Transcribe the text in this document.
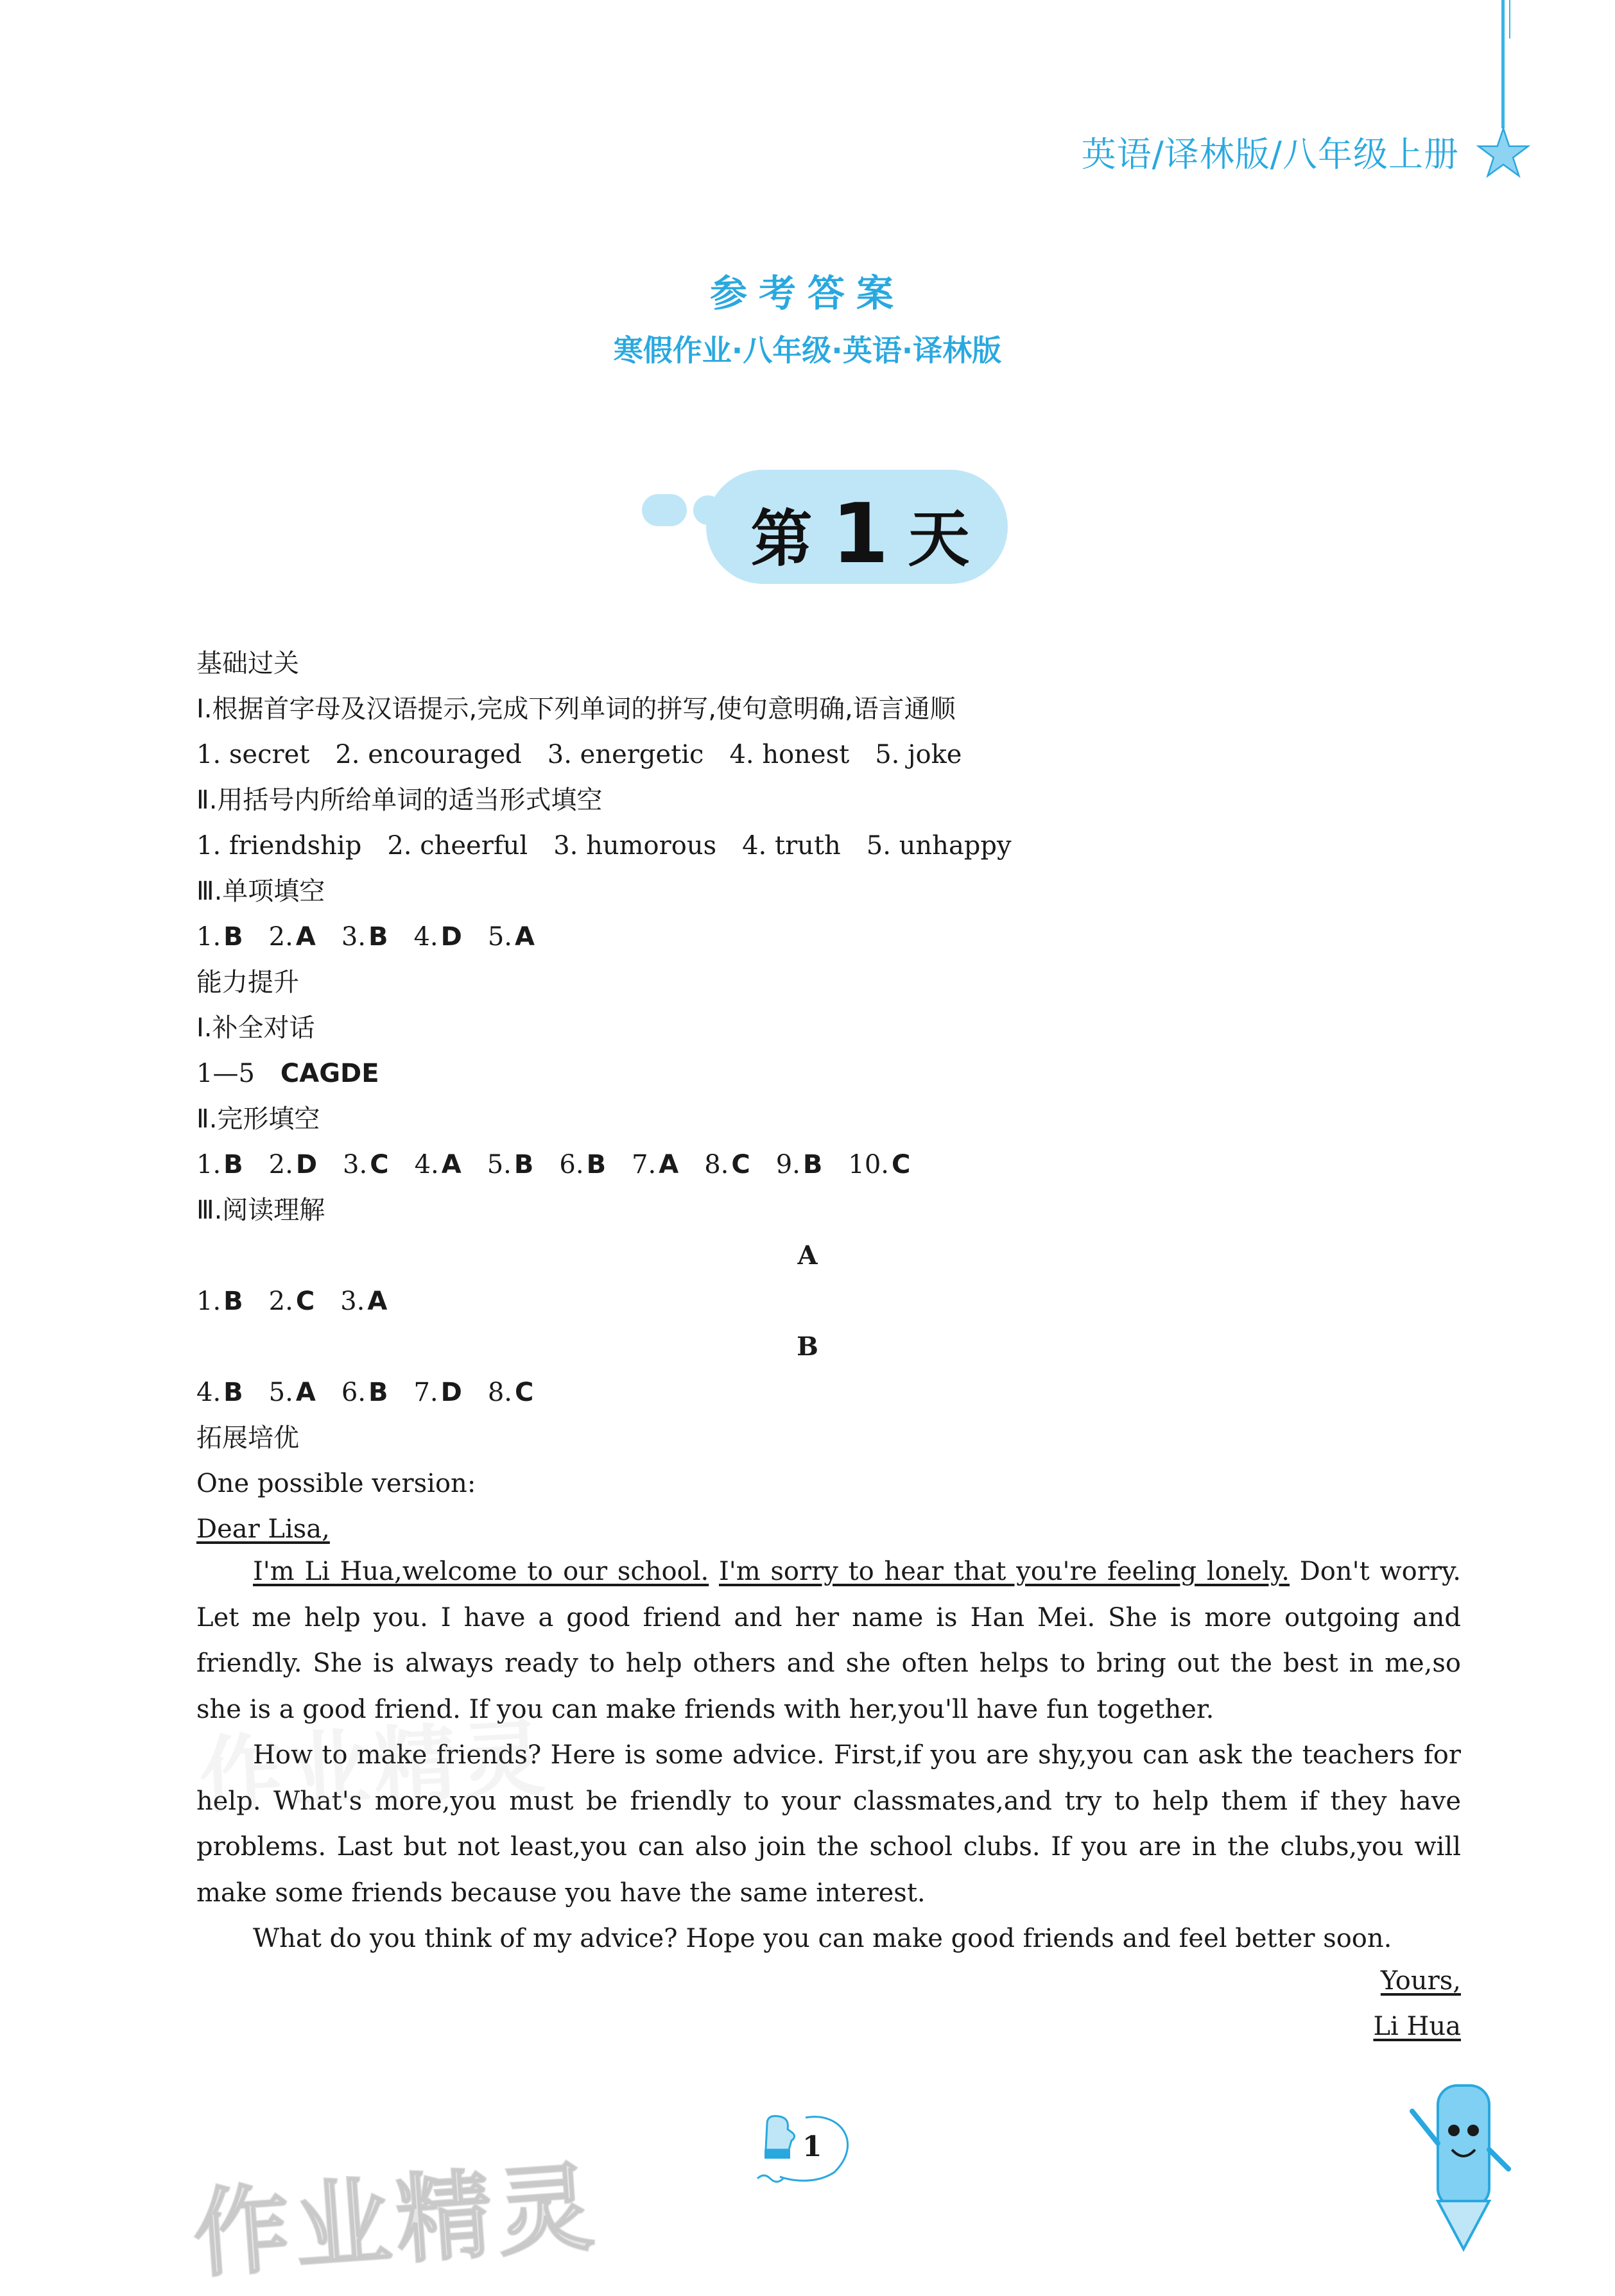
英语/译林版/八年级上册
参考答案
寒假作业·八年级·英语·译林版
第 1 天
基础过关
Ⅰ.根据首字母及汉语提示,完成下列单词的拼写,使句意明确,语言通顺
1. secret 2. encouraged 3. energetic 4. honest 5. joke
Ⅱ.用括号内所给单词的适当形式填空
1. friendship 2. cheerful 3. humorous 4. truth 5. unhappy
Ⅲ.单项填空
1. B 2. A 3. B 4. D 5. A
能力提升
Ⅰ.补全对话
1—5 CAGDE
Ⅱ.完形填空
1. B 2. D 3. C 4. A 5. B 6. B 7. A 8. C 9. B 10. C
Ⅲ.阅读理解
A
1. B 2. C 3. A
B
4. B 5. A 6. B 7. D 8. C
拓展培优
One possible version:
Dear Lisa,

I'm Li Hua,welcome to our school. I'm sorry to hear that you're feeling lonely. Don't worry. Let me help you. I have a good friend and her name is Han Mei. She is more outgoing and friendly. She is always ready to help others and she often helps to bring out the best in me,so she is a good friend. If you can make friends with her,you'll have fun together.

How to make friends? Here is some advice. First,if you are shy,you can ask the teachers for help. What's more,you must be friendly to your classmates,and try to help them if they have problems. Last but not least,you can also join the school clubs. If you are in the clubs,you will make some friends because you have the same interest.

What do you think of my advice? Hope you can make good friends and feel better soon.

Yours,
Li Hua
作业精灵
作业精灵
1
